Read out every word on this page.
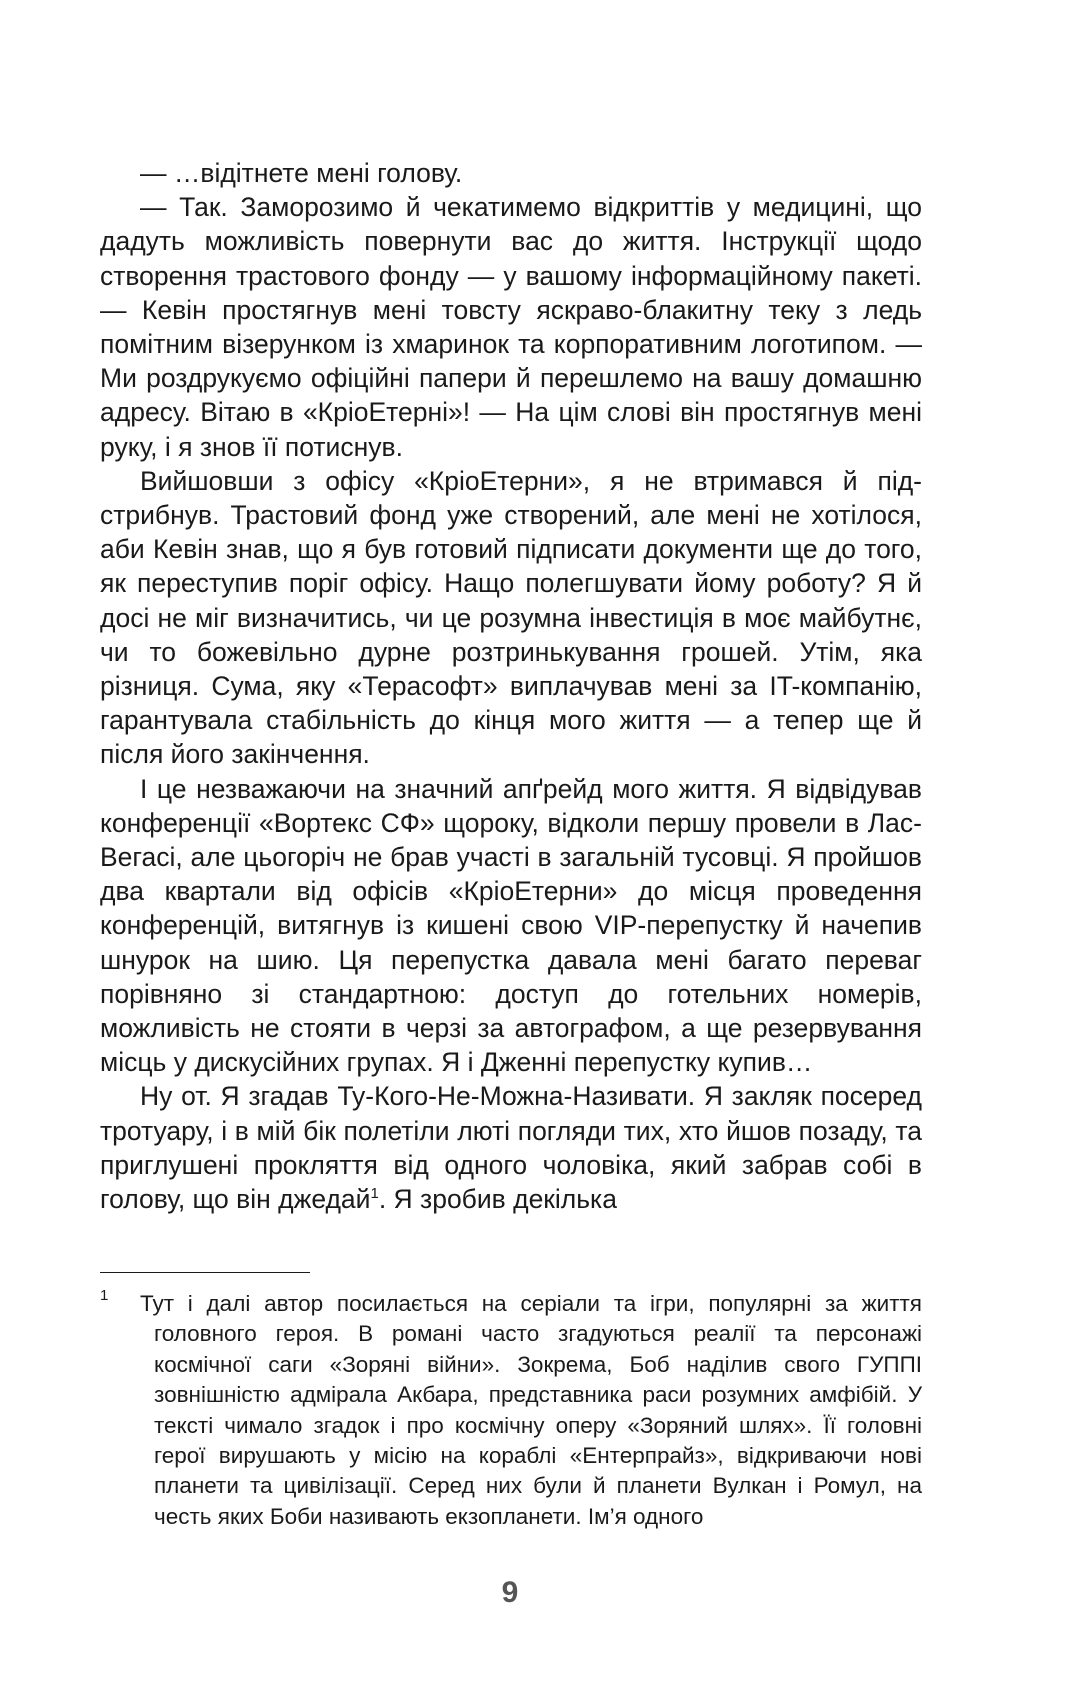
— …відітнете мені голову.

— Так. Заморозимо й чекатимемо відкриттів у медицині, що дадуть можливість повернути вас до життя. Інструкції щодо створення трастового фонду — у вашому інформаційному пакеті. — Кевін простягнув мені товсту яскраво-блакитну теку з ледь помітним візерунком із хмаринок та корпоративним логотипом. — Ми роздрукуємо офіційні папери й перешлемо на вашу домашню адресу. Вітаю в «КріоЕтерні»! — На цім слові він простягнув мені руку, і я знов її потиснув.

Вийшовши з офісу «КріоЕтерни», я не втримався й підстрибнув. Трастовий фонд уже створений, але мені не хотілося, аби Кевін знав, що я був готовий підписати документи ще до того, як переступив поріг офісу. Нащо полегшувати йому роботу? Я й досі не міг визначитись, чи це розумна інвестиція в моє майбутнє, чи то божевільно дурне розтринькування грошей. Утім, яка різниця. Сума, яку «Терасофт» виплачував мені за IT-компанію, гарантувала стабільність до кінця мого життя — а тепер ще й після його закінчення.

І це незважаючи на значний апґрейд мого життя. Я відвідував конференції «Вортекс СФ» щороку, відколи першу провели в Лас-Вегасі, але цьогоріч не брав участі в загальній тусовці. Я пройшов два квартали від офісів «КріоЕтерни» до місця проведення конференцій, витягнув із кишені свою VIP-перепустку й начепив шнурок на шию. Ця перепустка давала мені багато переваг порівняно зі стандартною: доступ до готельних номерів, можливість не стояти в черзі за автографом, а ще резервування місць у дискусійних групах. Я і Дженні перепустку купив…

Ну от. Я згадав Ту-Кого-Не-Можна-Називати. Я закляк посеред тротуару, і в мій бік полетіли люті погляди тих, хто йшов позаду, та приглушені прокляття від одного чоловіка, який забрав собі в голову, що він джедай$^1$. Я зробив декілька

1 Тут і далі автор посилається на серіали та ігри, популярні за життя головного героя. В романі часто згадуються реалії та персонажі космічної саги «Зоряні війни». Зокрема, Боб наділив свого ГУППІ зовнішністю адмірала Акбара, представника раси розумних амфібій. У тексті чимало згадок і про космічну оперу «Зоряний шлях». Її головні герої вирушають у місію на кораблі «Ентерпрайз», відкриваючи нові планети та цивілізації. Серед них були й планети Вулкан і Ромул, на честь яких Боби називають екзопланети. Ім’я одного

9
